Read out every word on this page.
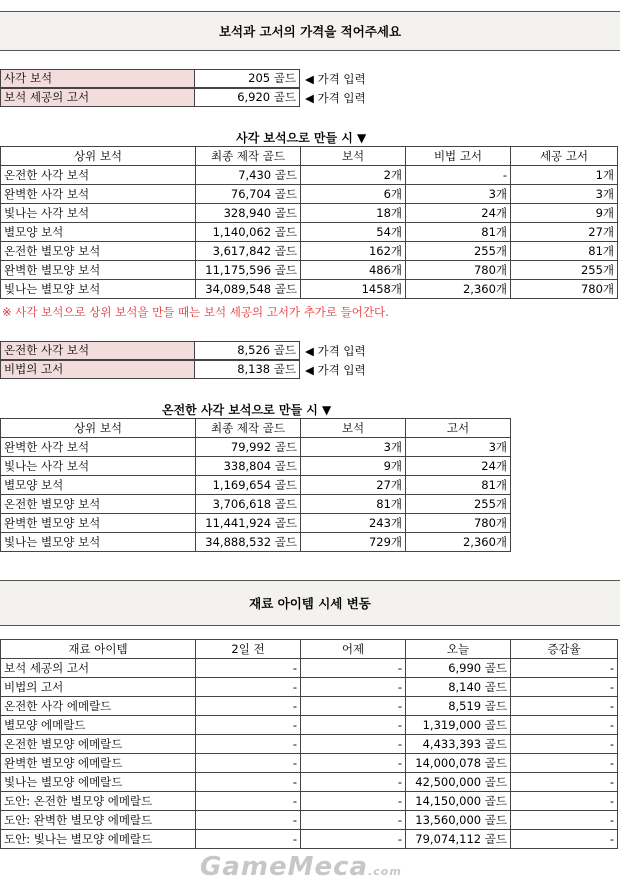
보석과 고서의 가격을 적어주세요
사각 보석	205 골드 ◀ 가격 입력
보석 세공의 고서	6,920 골드 ◀ 가격 입력
사각 보석으로 만들 시 ▼
상위 보석	최종 제작 골드	보석	비법 고서	세공 고서
온전한 사각 보석	7,430 골드	2개	-	1개
완벽한 사각 보석	76,704 골드	6개	3개	3개
빛나는 사각 보석	328,940 골드	18개	24개	9개
별모양 보석	1,140,062 골드	54개	81개	27개
온전한 별모양 보석	3,617,842 골드	162개	255개	81개
완벽한 별모양 보석	11,175,596 골드	486개	780개	255개
빛나는 별모양 보석	34,089,548 골드	1458개	2,360개	780개
※ 사각 보석으로 상위 보석을 만들 때는 보석 세공의 고서가 추가로 들어간다.
온전한 사각 보석	8,526 골드 ◀ 가격 입력
비법의 고서	8,138 골드 ◀ 가격 입력
온전한 사각 보석으로 만들 시 ▼
상위 보석	최종 제작 골드	보석	고서
완벽한 사각 보석	79,992 골드	3개	3개
빛나는 사각 보석	338,804 골드	9개	24개
별모양 보석	1,169,654 골드	27개	81개
온전한 별모양 보석	3,706,618 골드	81개	255개
완벽한 별모양 보석	11,441,924 골드	243개	780개
빛나는 별모양 보석	34,888,532 골드	729개	2,360개
재료 아이템 시세 변동
재료 아이템	2일 전	어제	오늘	증감율
보석 세공의 고서	-	-	6,990 골드	-
비법의 고서	-	-	8,140 골드	-
온전한 사각 에메랄드	-	-	8,519 골드	-
별모양 에메랄드	-	-	1,319,000 골드	-
온전한 별모양 에메랄드	-	-	4,433,393 골드	-
완벽한 별모양 에메랄드	-	-	14,000,078 골드	-
빛나는 별모양 에메랄드	-	-	42,500,000 골드	-
도안: 온전한 별모양 에메랄드	-	-	14,150,000 골드	-
도안: 완벽한 별모양 에메랄드	-	-	13,560,000 골드	-
도안: 빛나는 별모양 에메랄드	-	-	79,074,112 골드	-
GameMeca.com
